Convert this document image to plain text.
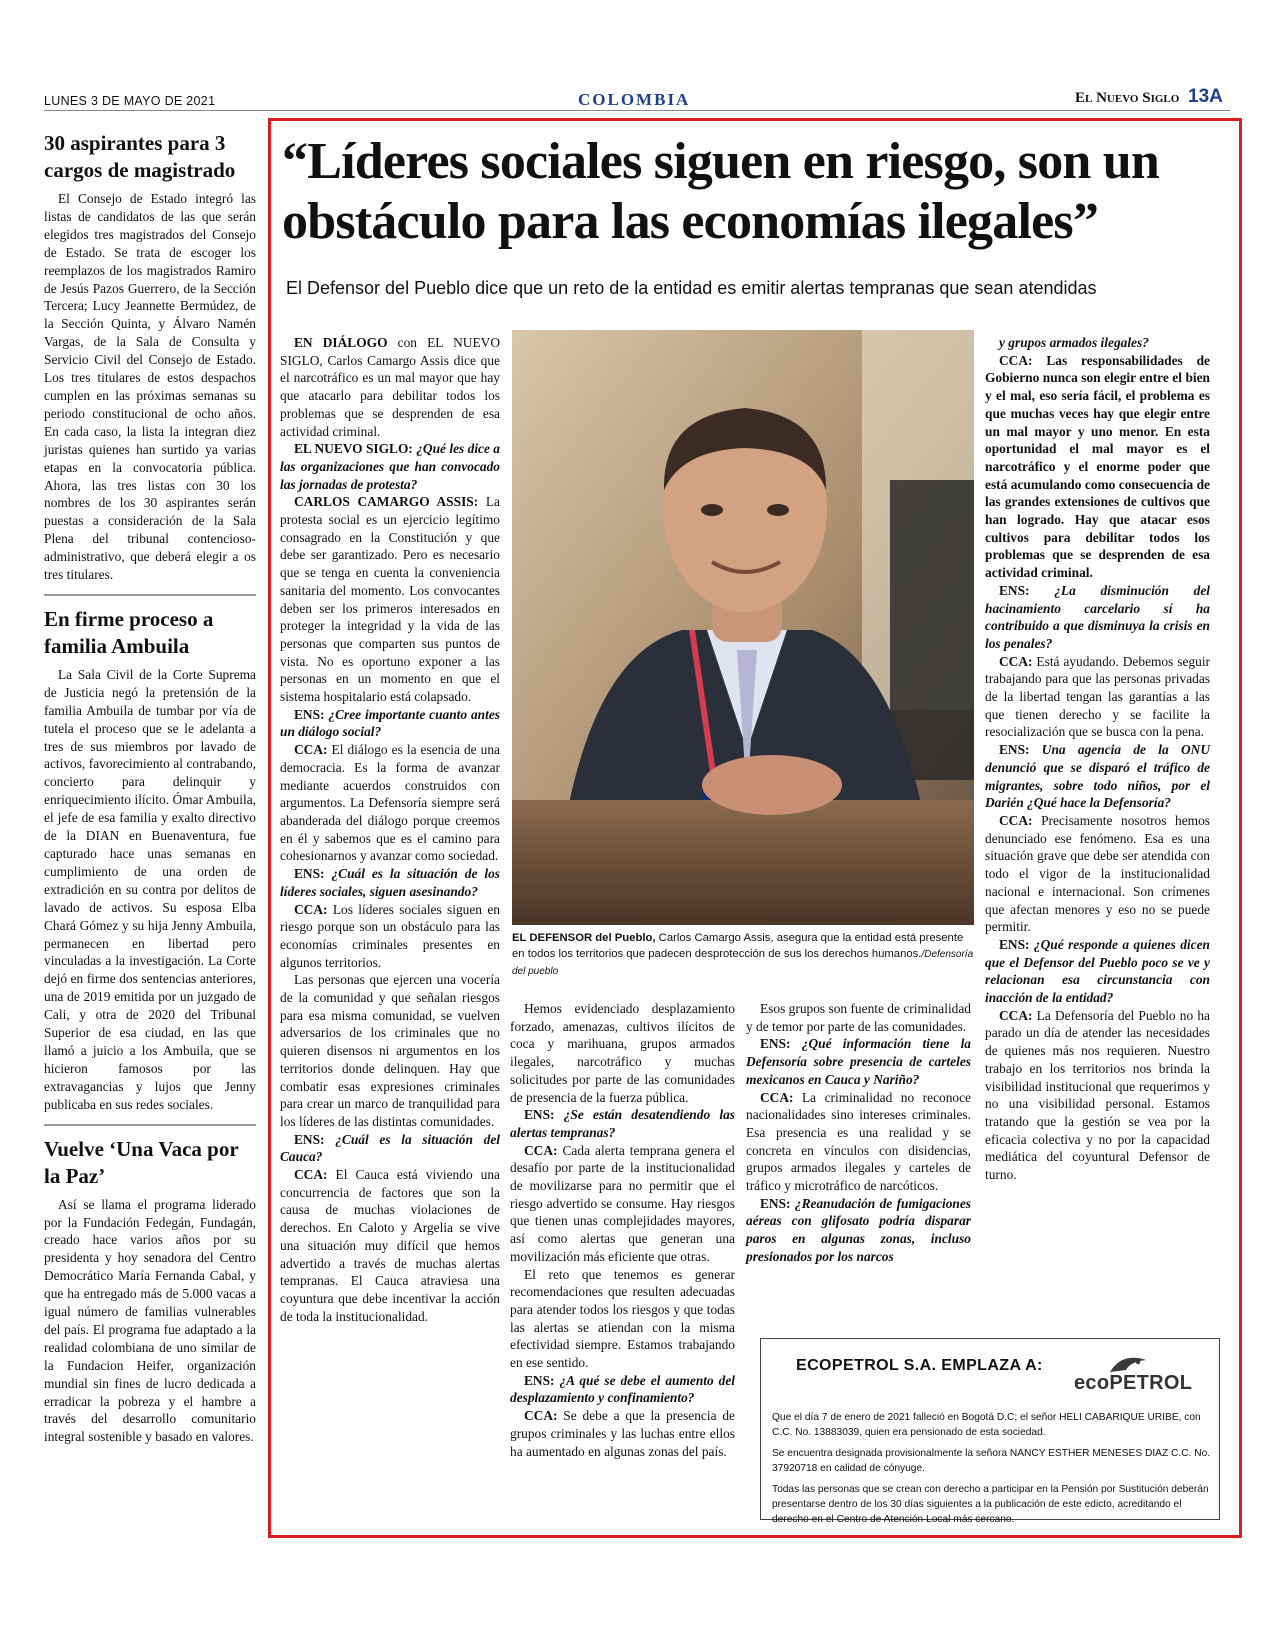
LUNES 3 DE MAYO DE 2021	COLOMBIA	El Nuevo Siglo 13A
30 aspirantes para 3 cargos de magistrado

El Consejo de Estado integró las listas de candidatos de las que serán elegidos tres magistrados del Consejo de Estado. Se trata de escoger los reemplazos de los magistrados Ramiro de Jesús Pazos Guerrero, de la Sección Tercera; Lucy Jeannette Bermúdez, de la Sección Quinta, y Álvaro Namén Vargas, de la Sala de Consulta y Servicio Civil del Consejo de Estado. Los tres titulares de estos despachos cumplen en las próximas semanas su periodo constitucional de ocho años. En cada caso, la lista la integran diez juristas quienes han surtido ya varias etapas en la convocatoria pública. Ahora, las tres listas con 30 los nombres de los 30 aspirantes serán puestas a consideración de la Sala Plena del tribunal contencioso-administrativo, que deberá elegir a os tres titulares.

En firme proceso a familia Ambuila

La Sala Civil de la Corte Suprema de Justicia negó la pretensión de la familia Ambuila de tumbar por vía de tutela el proceso que se le adelanta a tres de sus miembros por lavado de activos, favorecimiento al contrabando, concierto para delinquir y enriquecimiento ilícito. Ómar Ambuila, el jefe de esa familia y exalto directivo de la DIAN en Buenaventura, fue capturado hace unas semanas en cumplimiento de una orden de extradición en su contra por delitos de lavado de activos. Su esposa Elba Chará Gómez y su hija Jenny Ambuila, permanecen en libertad pero vinculadas a la investigación. La Corte dejó en firme dos sentencias anteriores, una de 2019 emitida por un juzgado de Cali, y otra de 2020 del Tribunal Superior de esa ciudad, en las que llamó a juicio a los Ambuila, que se hicieron famosos por las extravagancias y lujos que Jenny publicaba en sus redes sociales.

Vuelve ‘Una Vaca por la Paz’

Así se llama el programa liderado por la Fundación Fedegán, Fundagán, creado hace varios años por su presidenta y hoy senadora del Centro Democrático María Fernanda Cabal, y que ha entregado más de 5.000 vacas a igual número de familias vulnerables del país. El programa fue adaptado a la realidad colombiana de uno similar de la Fundacion Heifer, organización mundial sin fines de lucro dedicada a erradicar la pobreza y el hambre a través del desarrollo comunitario integral sostenible y basado en valores.

“Líderes sociales siguen en riesgo, son un obstáculo para las economías ilegales”
El Defensor del Pueblo dice que un reto de la entidad es emitir alertas tempranas que sean atendidas

EN DIÁLOGO con EL NUEVO SIGLO, Carlos Camargo Assis dice que el narcotráfico es un mal mayor que hay que atacarlo para debilitar todos los problemas que se desprenden de esa actividad criminal.

EL NUEVO SIGLO: ¿Qué les dice a las organizaciones que han convocado las jornadas de protesta?

CARLOS CAMARGO ASSIS: La protesta social es un ejercicio legítimo consagrado en la Constitución y que debe ser garantizado. Pero es necesario que se tenga en cuenta la conveniencia sanitaria del momento. Los convocantes deben ser los primeros interesados en proteger la integridad y la vida de las personas que comparten sus puntos de vista. No es oportuno exponer a las personas en un momento en que el sistema hospitalario está colapsado.

ENS: ¿Cree importante cuanto antes un diálogo social?

CCA: El diálogo es la esencia de una democracia. Es la forma de avanzar mediante acuerdos construidos con argumentos. La Defensoría siempre será abanderada del diálogo porque creemos en él y sabemos que es el camino para cohesionarnos y avanzar como sociedad.

ENS: ¿Cuál es la situación de los líderes sociales, siguen asesinando?

CCA: Los líderes sociales siguen en riesgo porque son un obstáculo para las economías criminales presentes en algunos territorios.

Las personas que ejercen una vocería de la comunidad y que señalan riesgos para esa misma comunidad, se vuelven adversarios de los criminales que no quieren disensos ni argumentos en los territorios donde delinquen. Hay que combatir esas expresiones criminales para crear un marco de tranquilidad para los líderes de las distintas comunidades.

ENS: ¿Cuál es la situación del Cauca?

CCA: El Cauca está viviendo una concurrencia de factores que son la causa de muchas violaciones de derechos. En Caloto y Argelia se vive una situación muy difícil que hemos advertido a través de muchas alertas tempranas. El Cauca atraviesa una coyuntura que debe incentivar la acción de toda la institucionalidad.

Hemos evidenciado desplazamiento forzado, amenazas, cultivos ilícitos de coca y marihuana, grupos armados ilegales, narcotráfico y muchas solicitudes por parte de las comunidades de presencia de la fuerza pública.

ENS: ¿Se están desatendiendo las alertas tempranas?

CCA: Cada alerta temprana genera el desafío por parte de la institucionalidad de movilizarse para no permitir que el riesgo advertido se consume. Hay riesgos que tienen unas complejidades mayores, así como alertas que generan una movilización más eficiente que otras.

El reto que tenemos es generar recomendaciones que resulten adecuadas para atender todos los riesgos y que todas las alertas se atiendan con la misma efectividad siempre. Estamos trabajando en ese sentido.

ENS: ¿A qué se debe el aumento del desplazamiento y confinamiento?

CCA: Se debe a que la presencia de grupos criminales y las luchas entre ellos ha aumentado en algunas zonas del país.

Esos grupos son fuente de criminalidad y de temor por parte de las comunidades.

ENS: ¿Qué información tiene la Defensoría sobre presencia de carteles mexicanos en Cauca y Nariño?

CCA: La criminalidad no reconoce nacionalidades sino intereses criminales. Esa presencia es una realidad y se concreta en vínculos con disidencias, grupos armados ilegales y carteles de tráfico y microtráfico de narcóticos.

ENS: ¿Reanudación de fumigaciones aéreas con glifosato podría disparar paros en algunas zonas, incluso presionados por los narcos

y grupos armados ilegales?

CCA: Las responsabilidades de Gobierno nunca son elegir entre el bien y el mal, eso sería fácil, el problema es que muchas veces hay que elegir entre un mal mayor y uno menor. En esta oportunidad el mal mayor es el narcotráfico y el enorme poder que está acumulando como consecuencia de las grandes extensiones de cultivos que han logrado. Hay que atacar esos cultivos para debilitar todos los problemas que se desprenden de esa actividad criminal.

ENS: ¿La disminución del hacinamiento carcelario sí ha contribuido a que disminuya la crisis en los penales?

CCA: Está ayudando. Debemos seguir trabajando para que las personas privadas de la libertad tengan las garantías a las que tienen derecho y se facilite la resocialización que se busca con la pena.

ENS: Una agencia de la ONU denunció que se disparó el tráfico de migrantes, sobre todo niños, por el Darién ¿Qué hace la Defensoría?

CCA: Precisamente nosotros hemos denunciado ese fenómeno. Esa es una situación grave que debe ser atendida con todo el vigor de la institucionalidad nacional e internacional. Son crímenes que afectan menores y eso no se puede permitir.

ENS: ¿Qué responde a quienes dicen que el Defensor del Pueblo poco se ve y relacionan esa circunstancia con inacción de la entidad?

CCA: La Defensoría del Pueblo no ha parado un día de atender las necesidades de quienes más nos requieren. Nuestro trabajo en los territorios nos brinda la visibilidad institucional que requerimos y no una visibilidad personal. Estamos tratando que la gestión se vea por la eficacia colectiva y no por la capacidad mediática del coyuntural Defensor de turno.

EL DEFENSOR del Pueblo, Carlos Camargo Assis, asegura que la entidad está presente en todos los territorios que padecen desprotección de sus los derechos humanos./Defensoría del pueblo
ECOPETROL S.A. EMPLAZA A:
ecoPETROL

Que el día 7 de enero de 2021 falleció en Bogotá D.C; el señor HELI CABARIQUE URIBE, con C.C. No. 13883039, quien era pensionado de esta sociedad.

Se encuentra designada provisionalmente la señora NANCY ESTHER MENESES DIAZ C.C. No. 37920718 en calidad de cónyuge.

Todas las personas que se crean con derecho a participar en la Pensión por Sustitución deberán presentarse dentro de los 30 días siguientes a la publicación de este edicto, acreditando el derecho en el Centro de Atención Local más cercano.
